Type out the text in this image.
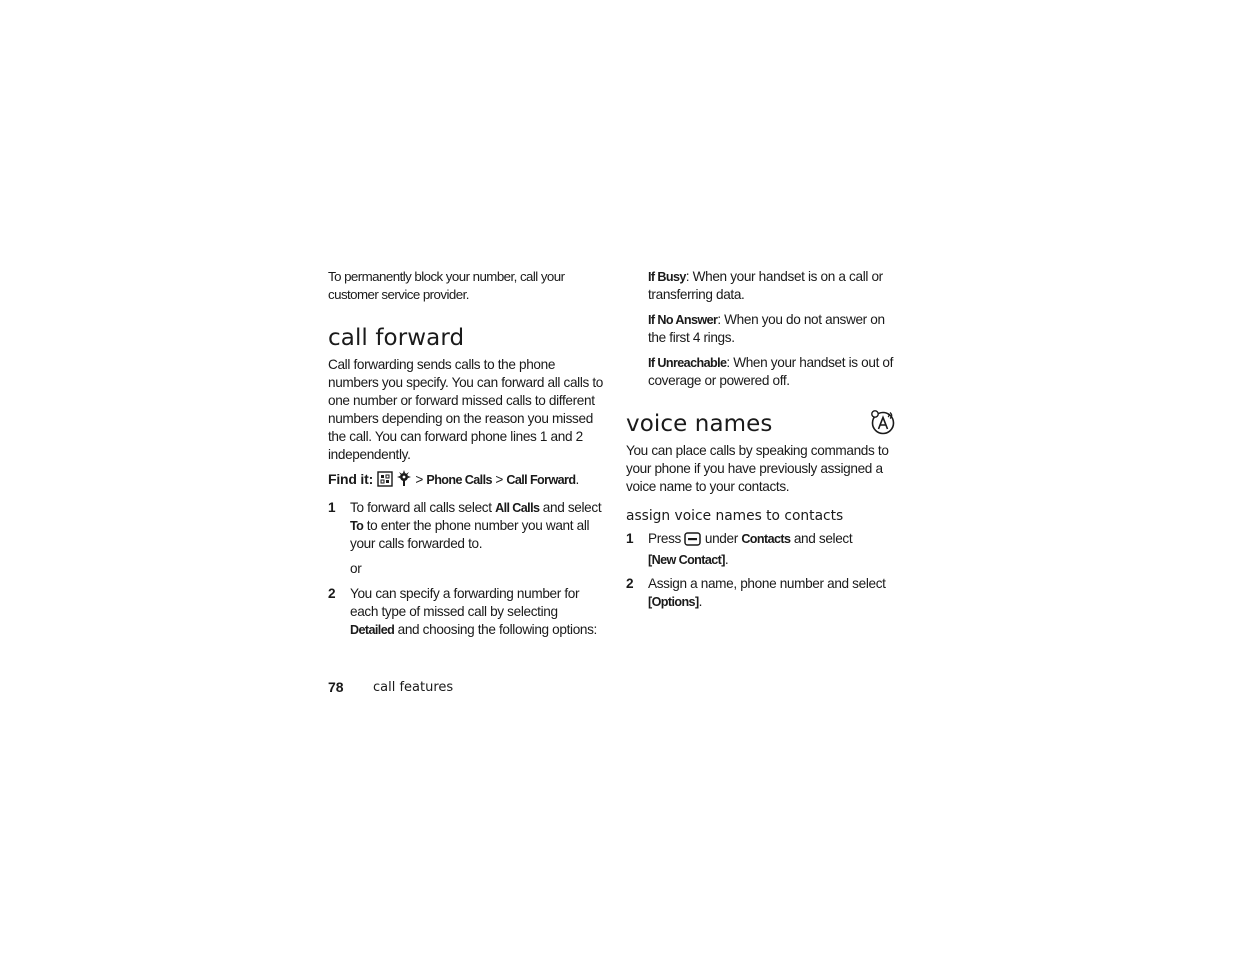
To permanently block your number, call your customer service provider.

call forward

Call forwarding sends calls to the phone numbers you specify. You can forward all calls to one number or forward missed calls to different numbers depending on the reason you missed the call. You can forward phone lines 1 and 2 independently.

Find it:	> Phone Calls > Call Forward.

1 To forward all calls select All Calls and select To to enter the phone number you want all your calls forwarded to.

or

2 You can specify a forwarding number for each type of missed call by selecting Detailed and choosing the following options:

If Busy: When your handset is on a call or transferring data.

If No Answer: When you do not answer on the first 4 rings.

If Unreachable: When your handset is out of coverage or powered off.

voice names

You can place calls by speaking commands to your phone if you have previously assigned a voice name to your contacts.

assign voice names to contacts
1 Press  under Contacts and select
[New Contact].
2 Assign a name, phone number and select
[Options].
78 call features
